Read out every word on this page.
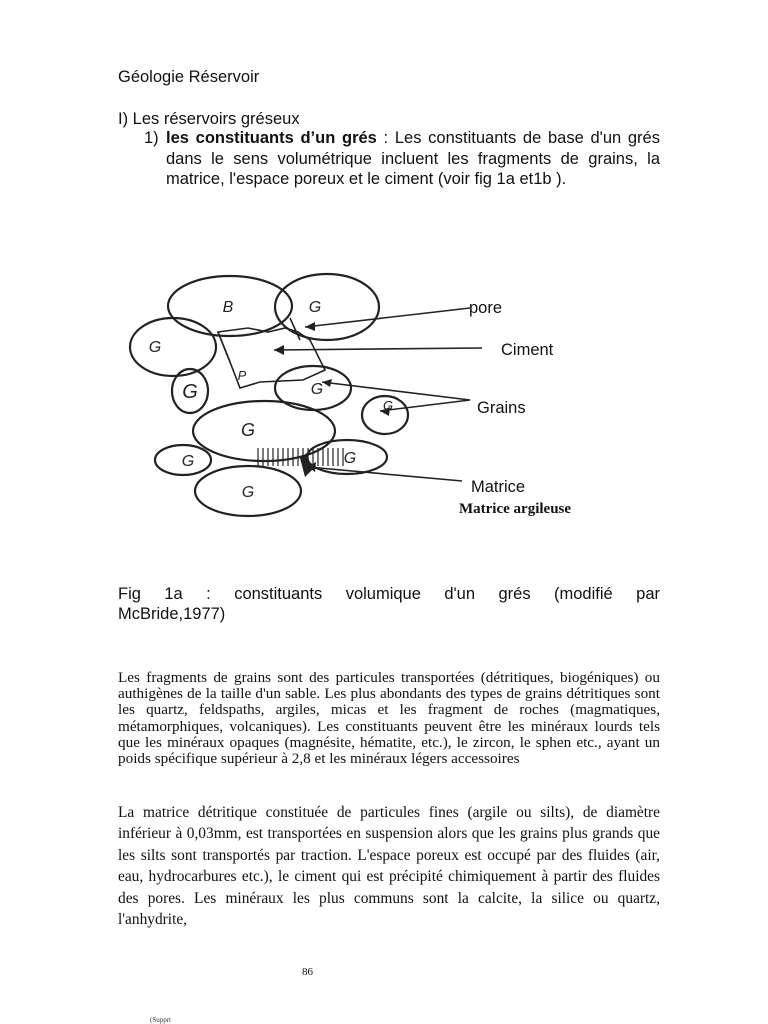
Géologie Réservoir
I) Les réservoirs gréseux
1) les constituants d’un grés : Les constituants de base d'un grés dans le sens volumétrique incluent les fragments de grains, la matrice, l'espace poreux et le ciment (voir fig 1a et1b ).
B	G
G
G
P
G
G
G
G	G
G
pore
Ciment
Grains
Matrice
Matrice argileuse
Fig 1a : constituants volumique d'un grés (modifié par
McBride,1977)
Les fragments de grains sont des particules transportées (détritiques, biogéniques) ou authigènes de la taille d'un sable. Les plus abondants des types de grains détritiques sont les quartz, feldspaths, argiles, micas et les fragment de roches (magmatiques, métamorphiques, volcaniques). Les constituants peuvent être les minéraux lourds tels que les minéraux opaques (magnésite, hématite, etc.), le zircon, le sphen etc., ayant un poids spécifique supérieur à 2,8 et les minéraux légers accessoires
La matrice détritique constituée de particules fines (argile ou silts), de diamètre inférieur à 0,03mm, est transportées en suspension alors que les grains plus grands que les silts sont transportés par traction. L'espace poreux est occupé par des fluides (air, eau, hydrocarbures etc.), le ciment qui est précipité chimiquement à partir des fluides des pores. Les minéraux les plus communs sont la calcite, la silice ou quartz, l'anhydrite,
86
(Supprt
